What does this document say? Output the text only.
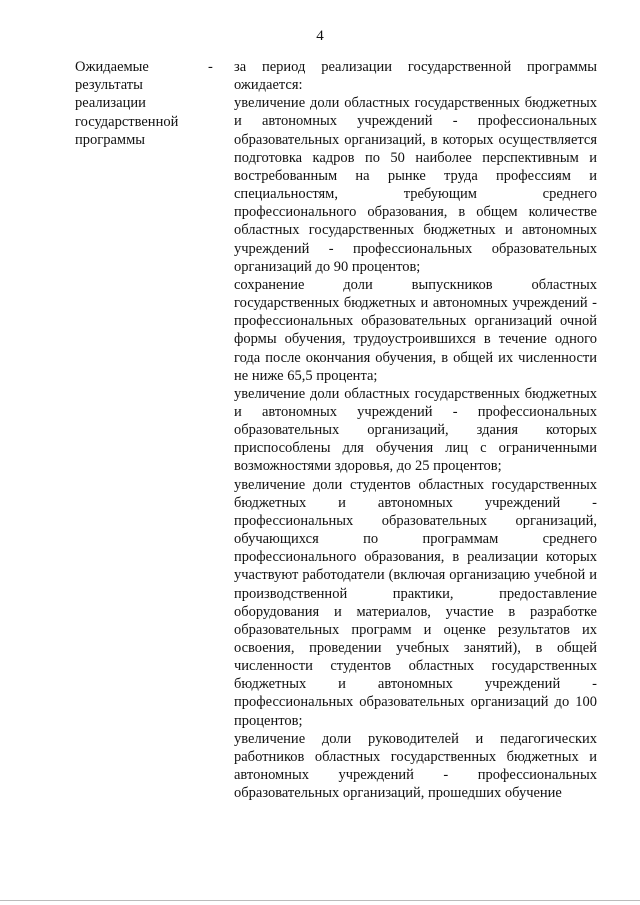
4
Ожидаемые
результаты
реализации
государственной
программы
- за период реализации государственной программы ожидается:

увеличение доли областных государственных бюджетных и автономных учреждений - профессиональных образовательных организаций, в которых осуществляется подготовка кадров по 50 наиболее перспективным и востребованным на рынке труда профессиям и специальностям, требующим среднего профессионального образования, в общем количестве областных государственных бюджетных и автономных учреждений - профессиональных образовательных организаций до 90 процентов;

сохранение доли выпускников областных государственных бюджетных и автономных учреждений - профессиональных образовательных организаций очной формы обучения, трудоустроившихся в течение одного года после окончания обучения, в общей их численности не ниже 65,5 процента;

увеличение доли областных государственных бюджетных и автономных учреждений - профессиональных образовательных организаций, здания которых приспособлены для обучения лиц с ограниченными возможностями здоровья, до 25 процентов;

увеличение доли студентов областных государственных бюджетных и автономных учреждений - профессиональных образовательных организаций, обучающихся по программам среднего профессионального образования, в реализации которых участвуют работодатели (включая организацию учебной и производственной практики, предоставление оборудования и материалов, участие в разработке образовательных программ и оценке результатов их освоения, проведении учебных занятий), в общей численности студентов областных государственных бюджетных и автономных учреждений - профессиональных образовательных организаций до 100 процентов;

увеличение доли руководителей и педагогических работников областных государственных бюджетных и автономных учреждений - профессиональных образовательных организаций, прошедших обучение
